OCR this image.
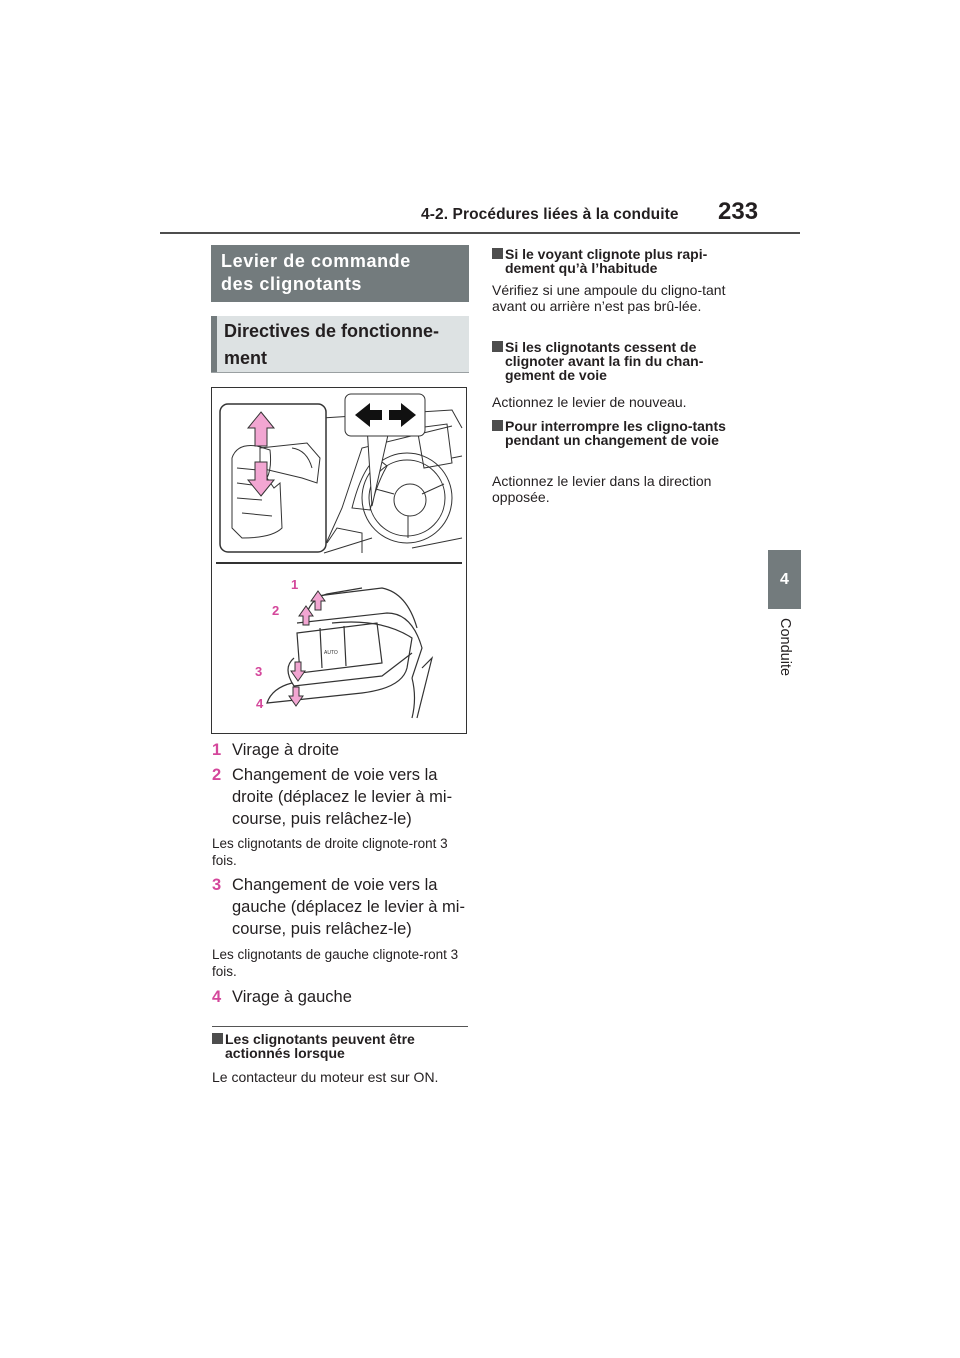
4-2. Procédures liées à la conduite 233
4
Conduite
Levier de commande
des clignotants
Directives de fonctionne-
ment
AUTO
1
2
3
4
1 Virage à droite
2 Changement de voie vers la droite (déplacez le levier à mi-course, puis relâchez-le)
Les clignotants de droite clignote-ront 3 fois.
3 Changement de voie vers la gauche (déplacez le levier à mi-course, puis relâchez-le)
Les clignotants de gauche clignote-ront 3 fois.
4 Virage à gauche
Les clignotants peuvent être actionnés lorsque
Le contacteur du moteur est sur ON.
Si le voyant clignote plus rapi-dement qu’à l’habitude
Vérifiez si une ampoule du cligno-tant avant ou arrière n’est pas brû-lée.
Si les clignotants cessent de clignoter avant la fin du chan-gement de voie
Actionnez le levier de nouveau.
Pour interrompre les cligno-tants pendant un changement de voie
Actionnez le levier dans la direction opposée.
